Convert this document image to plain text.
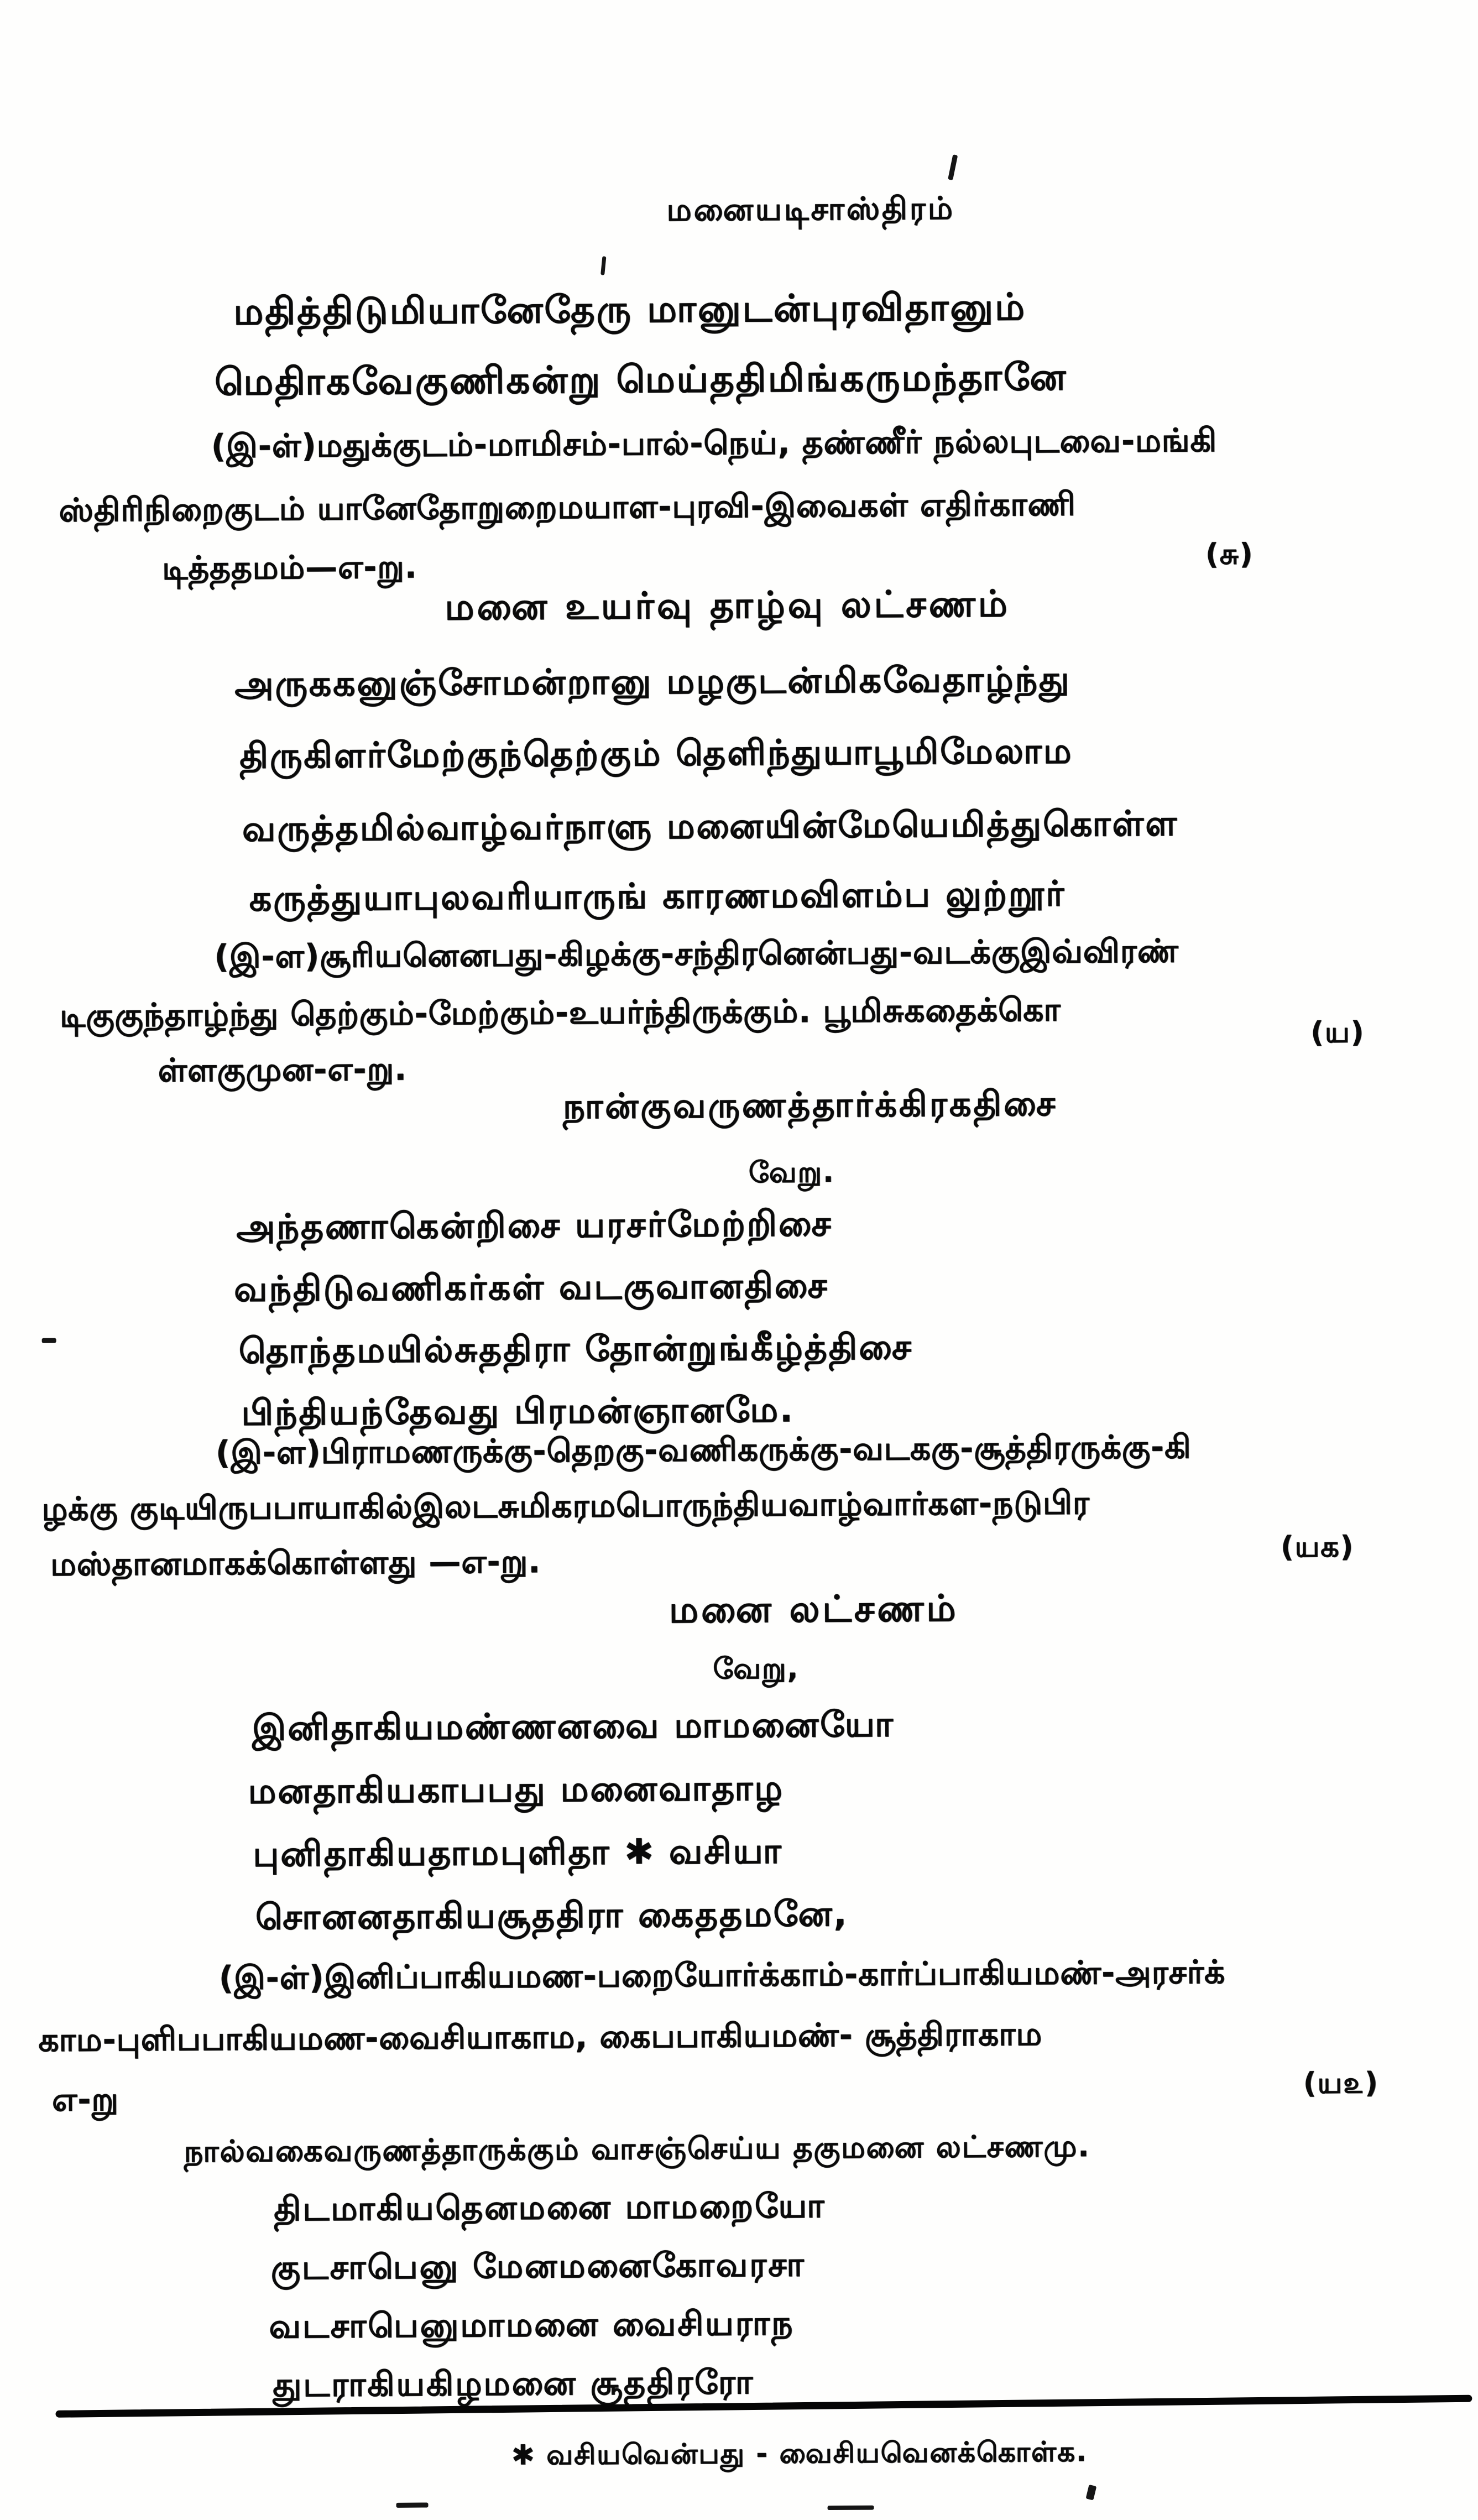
மனையடிசாஸ்திரம்
மதித்திடுமியானேதேரு மானுடன்புரவிதானும்
மெதிாகவேகுணிகன்று மெய்ததிமிங்கருமந்தானே
(இ-ள்)மதுக்குடம்-மாமிசம்-பால்-நெய், தண்ணீர் நல்லபுடவை-மங்கி
ஸ்திரிநிறைகுடம் யானேதோறுறைமயாள-புரவி-இவைகள் எதிர்காணி
டித்ததமம்—எ-று.	(சு)
மனை உயர்வு தாழ்வு லட்சணம்
அருககனுஞ்சோமன்றானு மழகுடன்மிகவேதாழ்ந்து
திருகிளர்மேற்குந்தெற்கும் தெளிந்துயாபூமிமேலாம
வருத்தமில்வாழ்வர்நாளு மனையின்மேயெமித்துகொள்ள
கருத்துயாபுலவரியாருங் காரணமவிளம்ப லுற்றூர்
(இ-ள)சூரியனெனபது-கிழக்கு-சந்திரனென்பது-வடக்குஇவ்விரண்
டிகுகுந்தாழ்ந்து தெற்கும்-மேற்கும்-உயர்ந்திருக்கும். பூமிசுகதைக்கொ
ள்ளகுமுன-எ-று.
(ய)
நான்குவருணத்தார்க்கிரகதிசை
வேறு.
அந்தணாகென்றிசை யரசர்மேற்றிசை
வந்திடுவணிகர்கள் வடகுவானதிசை
தொந்தமயில்சுததிரா தோன்றுங்கீழ்த்திசை
பிந்தியந்தேவது பிரமன்ஞானமே.
(இ-ள)பிராமணருக்கு-தெறகு-வணிகருக்கு-வடககு-சூத்திரருக்கு-கி
ழக்கு குடியிருபபாயாகில்இலடசுமிகரமபொருந்தியவாழ்வார்கள-நடுபிர
மஸ்தானமாகக்கொள்ளது —எ-று.	(யக)
மனை லட்சணம்
வேறு,
இனிதாகியமண்ணனவை மாமனையோ
மனதாகியகாபபது மனைவாதாழ
புனிதாகியதாமபுளிதா ✱ வசியா
சொனனதாகியசூததிரா கைததமனே,
(இ-ள்)இனிப்பாகியமண-பறையோர்க்காம்-கார்ப்பாகியமண்-அரசர்க்
காம-புளிபபாகியமண-வைசியாகாம, கைபபாகியமண்- சூத்திராகாம
எ-று	(ய௨)
நால்வகைவருணத்தாருக்கும் வாசஞ்செய்ய தகுமனை லட்சணமு.
திடமாகியதெனமனை மாமறையோ
குடசாபெனு மேனமனைகோவரசா
வடசாபெனுமாமனை வைசியராந
துடராகியகிழமனை சூததிரரோ
✱ வசியவென்பது - வைசியவெனக்கொள்க.
